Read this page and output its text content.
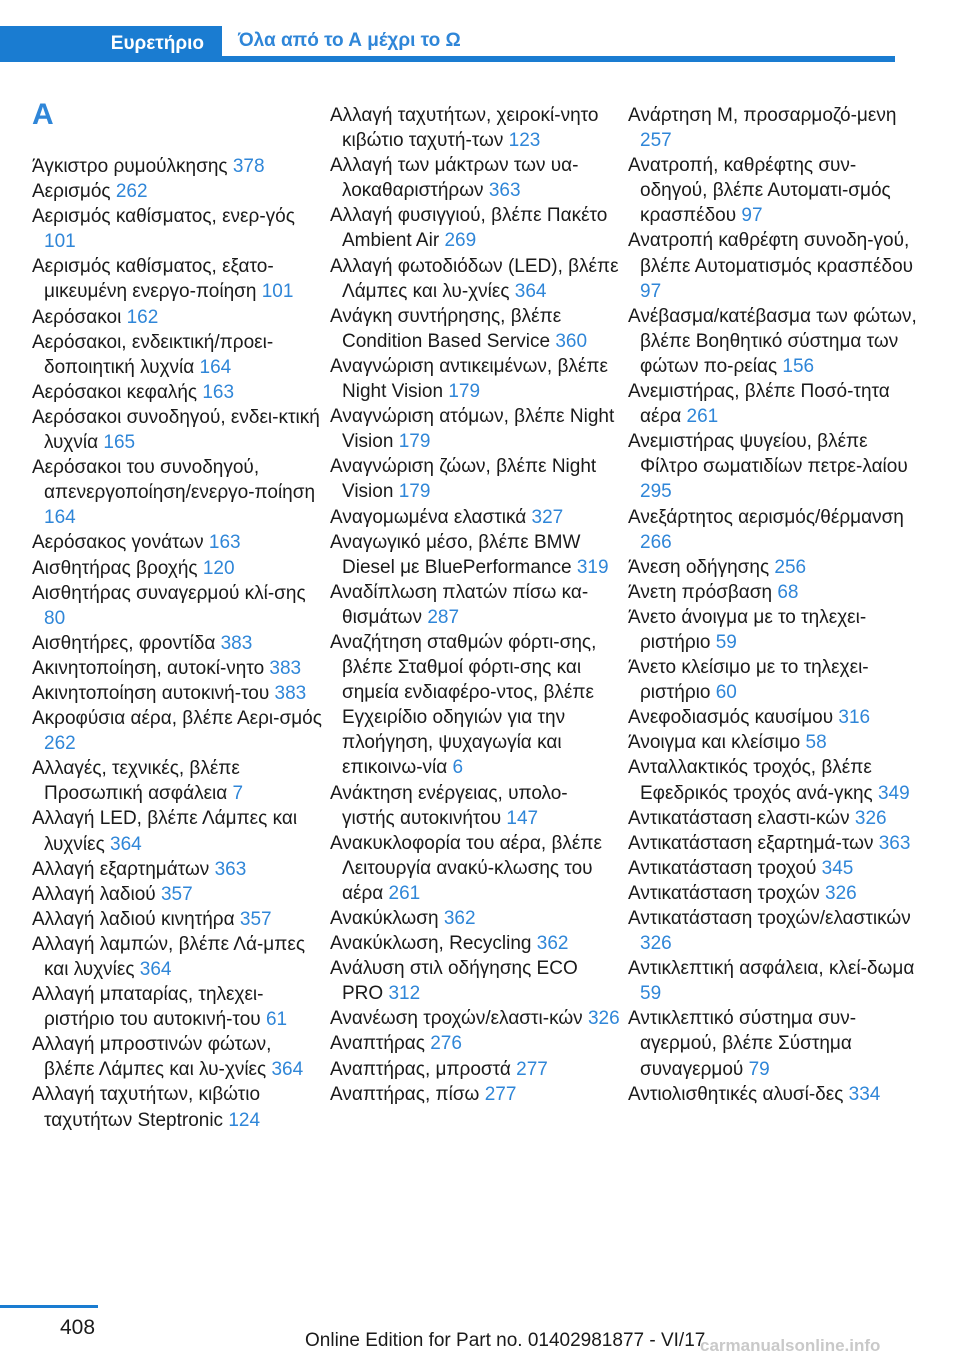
Ευρετήριο	Όλα από το Α μέχρι το Ω
Α

Άγκιστρο ρυμούλκησης 378

Αερισμός 262

Αερισμός καθίσματος, ενερ‐γός 101

Αερισμός καθίσματος, εξατο‐μικευμένη ενεργο‐ποίηση 101

Αερόσακοι 162

Αερόσακοι, ενδεικτική/προει‐δοποιητική λυχνία 164

Αερόσακοι κεφαλής 163

Αερόσακοι συνοδηγού, ενδει‐κτική λυχνία 165

Αερόσακοι του συνοδηγού, απενεργοποίηση/ενεργο‐ποίηση 164

Αερόσακος γονάτων 163

Αισθητήρας βροχής 120

Αισθητήρας συναγερμού κλί‐σης 80

Αισθητήρες, φροντίδα 383

Ακινητοποίηση, αυτοκί‐νητο 383

Ακινητοποίηση αυτοκινή‐του 383

Ακροφύσια αέρα, βλέπε Αερι‐σμός 262

Αλλαγές, τεχνικές, βλέπε Προσωπική ασφάλεια 7

Αλλαγή LED, βλέπε Λάμπες και λυχνίες 364

Αλλαγή εξαρτημάτων 363

Αλλαγή λαδιού 357

Αλλαγή λαδιού κινητήρα 357

Αλλαγή λαμπών, βλέπε Λά‐μπες και λυχνίες 364

Αλλαγή μπαταρίας, τηλεχει‐ριστήριο του αυτοκινή‐του 61

Αλλαγή μπροστινών φώτων, βλέπε Λάμπες και λυ‐χνίες 364

Αλλαγή ταχυτήτων, κιβώτιο ταχυτήτων Steptronic 124

Αλλαγή ταχυτήτων, χειροκί‐νητο κιβώτιο ταχυτή‐των 123

Αλλαγή των μάκτρων των υα‐λοκαθαριστήρων 363

Αλλαγή φυσιγγιού, βλέπε Πακέτο Ambient Air 269

Αλλαγή φωτοδιόδων (LED), βλέπε Λάμπες και λυ‐χνίες 364

Ανάγκη συντήρησης, βλέπε Condition Based Service 360

Αναγνώριση αντικειμένων, βλέπε Night Vision 179

Αναγνώριση ατόμων, βλέπε Night Vision 179

Αναγνώριση ζώων, βλέπε Night Vision 179

Αναγομωμένα ελαστικά 327

Αναγωγικό μέσο, βλέπε BMW Diesel με BluePerformance 319

Αναδίπλωση πλατών πίσω κα‐θισμάτων 287

Αναζήτηση σταθμών φόρτι‐σης, βλέπε Σταθμοί φόρτι‐σης και σημεία ενδιαφέρο‐ντος, βλέπε Εγχειρίδιο οδηγιών για την πλοήγηση, ψυχαγωγία και επικοινω‐νία 6

Ανάκτηση ενέργειας, υπολο‐γιστής αυτοκινήτου 147

Ανακυκλοφορία του αέρα, βλέπε Λειτουργία ανακύ‐κλωσης του αέρα 261

Ανακύκλωση 362

Ανακύκλωση, Recycling 362

Ανάλυση στιλ οδήγησης ECO PRO 312

Ανανέωση τροχών/ελαστι‐κών 326

Αναπτήρας 276

Αναπτήρας, μπροστά 277

Αναπτήρας, πίσω 277

Ανάρτηση M, προσαρμοζό‐μενη 257

Ανατροπή, καθρέφτης συν‐οδηγού, βλέπε Αυτοματι‐σμός κρασπέδου 97

Ανατροπή καθρέφτη συνοδη‐γού, βλέπε Αυτοματισμός κρασπέδου 97

Ανέβασμα/κατέβασμα των φώτων, βλέπε Βοηθητικό σύστημα των φώτων πο‐ρείας 156

Ανεμιστήρας, βλέπε Ποσό‐τητα αέρα 261

Ανεμιστήρας ψυγείου, βλέπε Φίλτρο σωματιδίων πετρε‐λαίου 295

Ανεξάρτητος αερισμός/θέρμανση 266

Άνεση οδήγησης 256

Άνετη πρόσβαση 68

Άνετο άνοιγμα με το τηλεχει‐ριστήριο 59

Άνετο κλείσιμο με το τηλεχει‐ριστήριο 60

Ανεφοδιασμός καυσίμου 316

Άνοιγμα και κλείσιμο 58

Ανταλλακτικός τροχός, βλέπε Εφεδρικός τροχός ανά‐γκης 349

Αντικατάσταση ελαστι‐κών 326

Αντικατάσταση εξαρτημά‐των 363

Αντικατάσταση τροχού 345

Αντικατάσταση τροχών 326

Αντικατάσταση τροχών/ελαστικών 326

Αντικλεπτική ασφάλεια, κλεί‐δωμα 59

Αντικλεπτικό σύστημα συν‐αγερμού, βλέπε Σύστημα συναγερμού 79

Αντιολισθητικές αλυσί‐δες 334

408
Online Edition for Part no. 01402981877 - VI/17
carmanualsonline.info
